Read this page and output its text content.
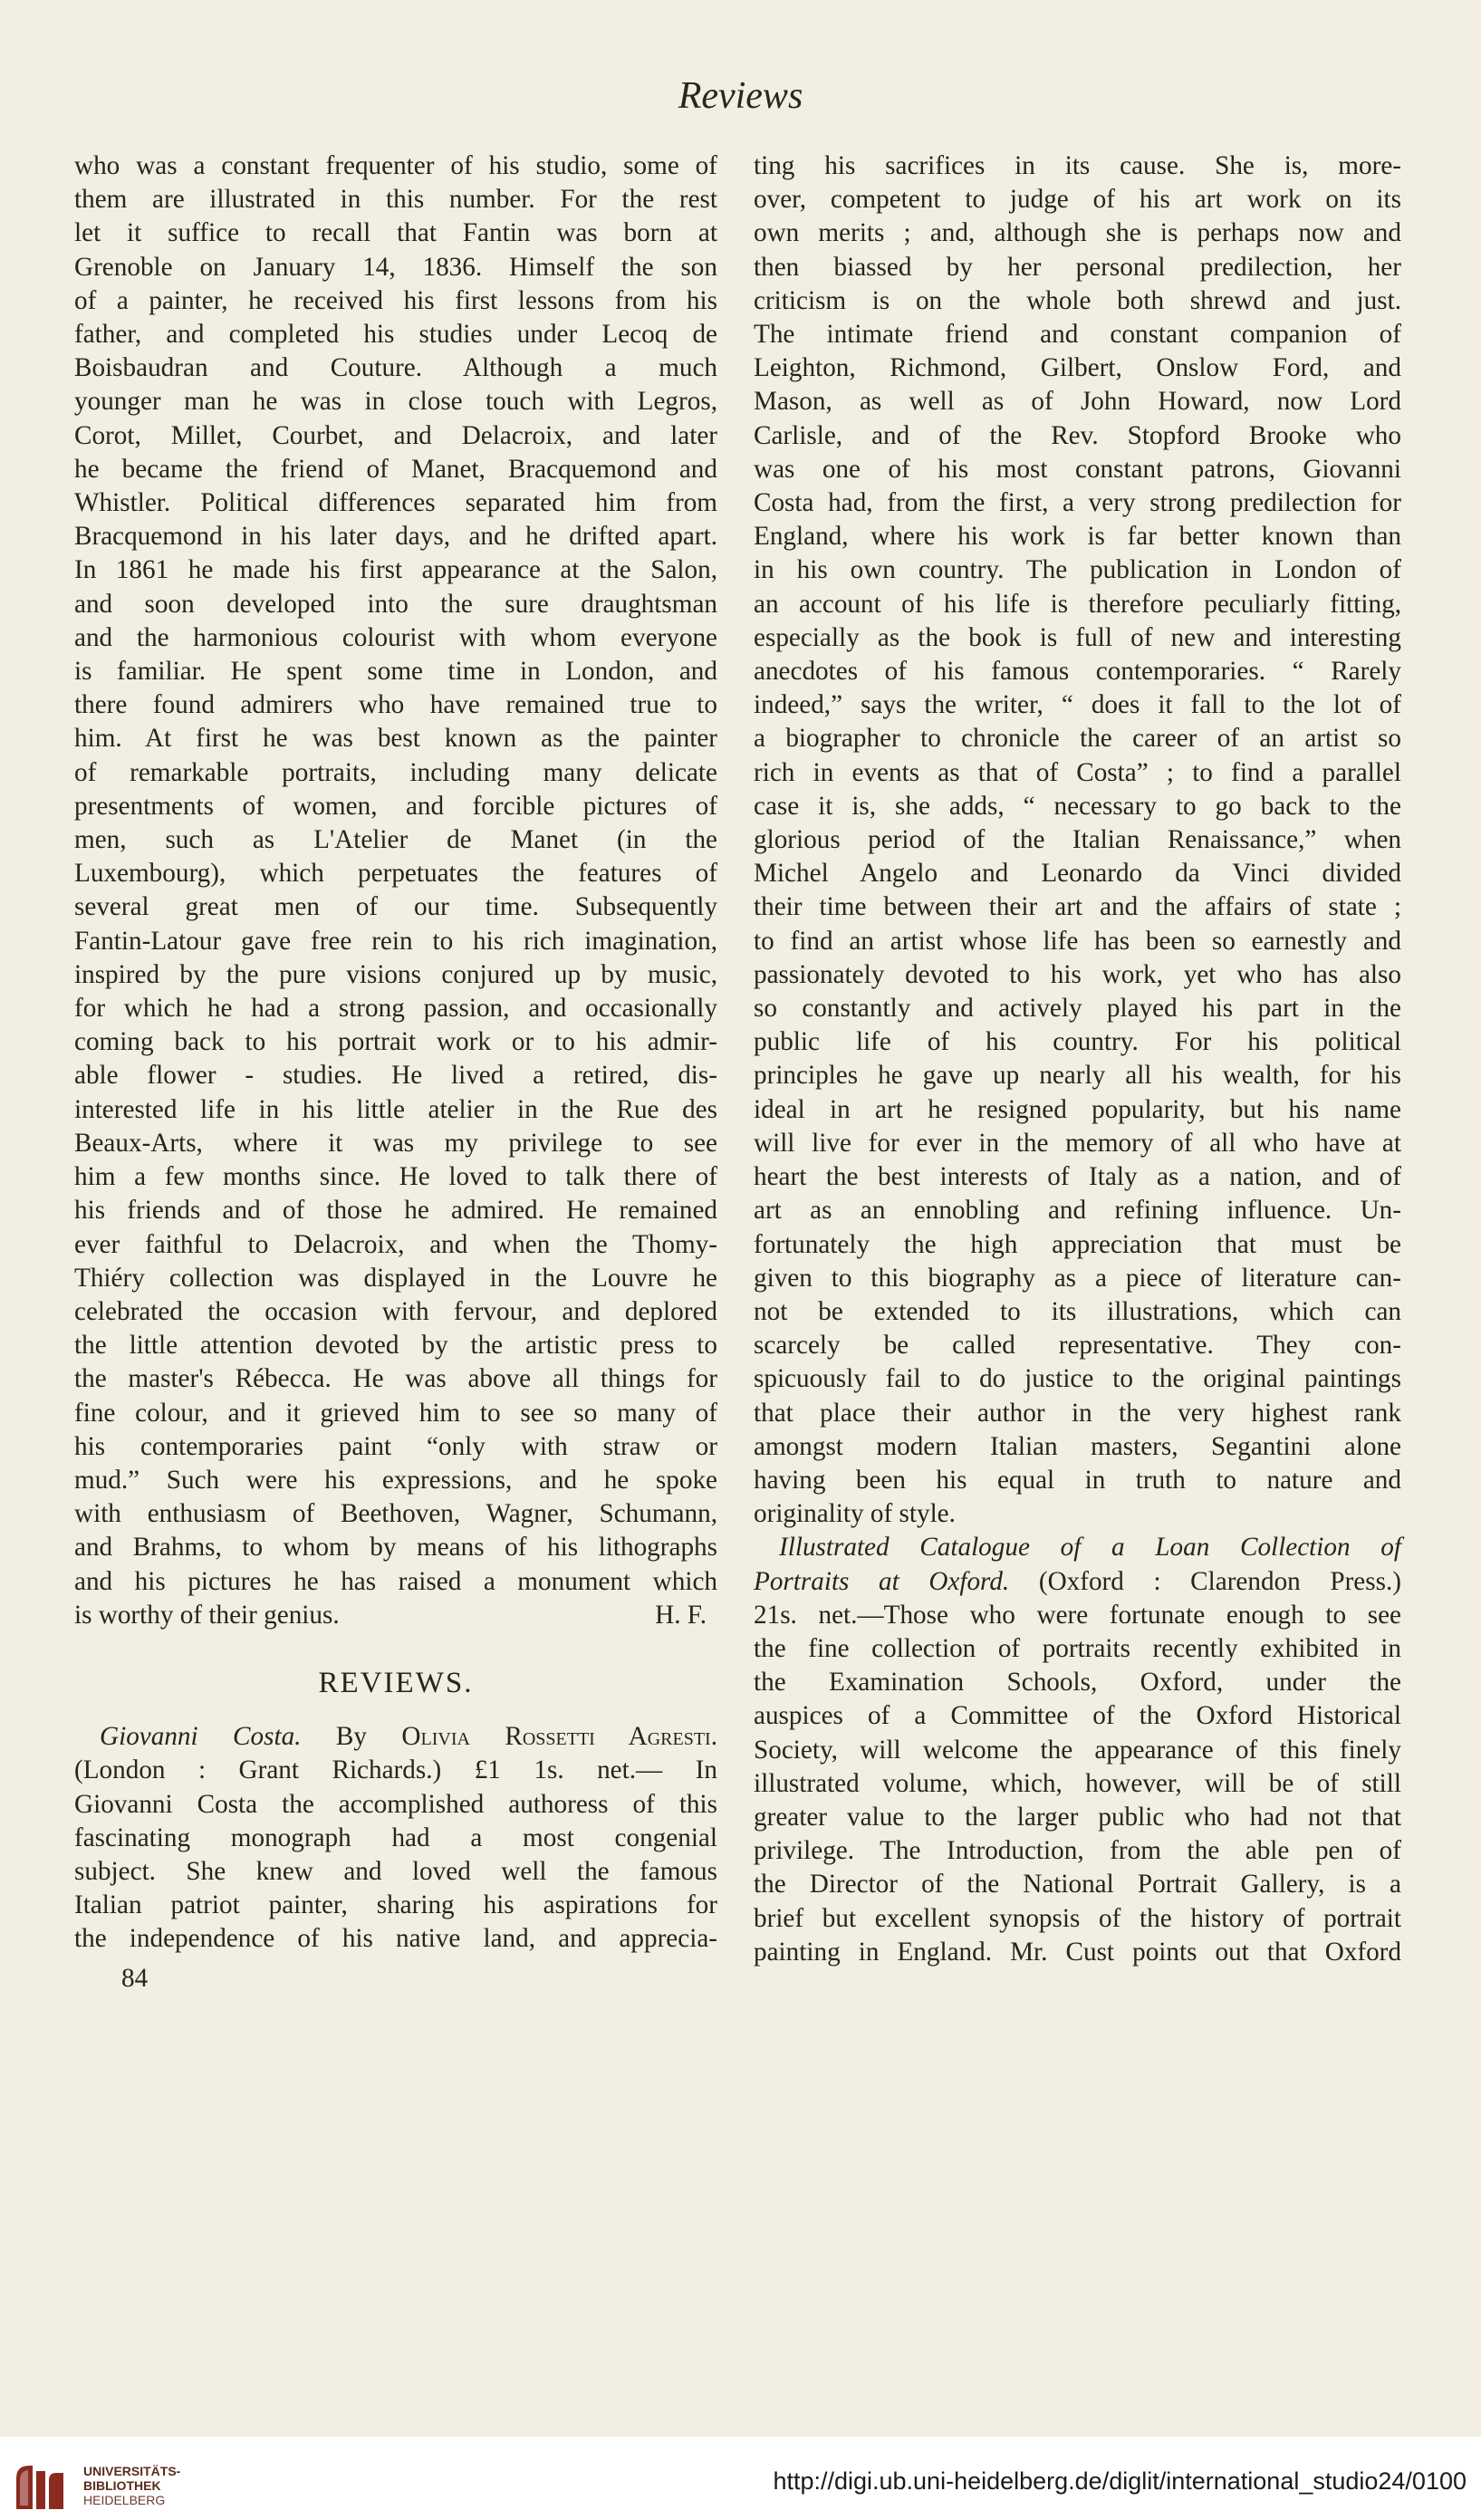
Reviews
who was a constant frequenter of his studio, some of
them are illustrated in this number. For the rest
let it suffice to recall that Fantin was born at
Grenoble on January 14, 1836. Himself the son
of a painter, he received his first lessons from his
father, and completed his studies under Lecoq de
Boisbaudran and Couture. Although a much
younger man he was in close touch with Legros,
Corot, Millet, Courbet, and Delacroix, and later
he became the friend of Manet, Bracquemond and
Whistler. Political differences separated him from
Bracquemond in his later days, and he drifted apart.
In 1861 he made his first appearance at the Salon,
and soon developed into the sure draughtsman
and the harmonious colourist with whom everyone
is familiar. He spent some time in London, and
there found admirers who have remained true to
him. At first he was best known as the painter
of remarkable portraits, including many delicate
presentments of women, and forcible pictures of
men, such as L'Atelier de Manet (in the
Luxembourg), which perpetuates the features of
several great men of our time. Subsequently
Fantin-Latour gave free rein to his rich imagination,
inspired by the pure visions conjured up by music,
for which he had a strong passion, and occasionally
coming back to his portrait work or to his admir-
able flower - studies. He lived a retired, dis-
interested life in his little atelier in the Rue des
Beaux-Arts, where it was my privilege to see
him a few months since. He loved to talk there of
his friends and of those he admired. He remained
ever faithful to Delacroix, and when the Thomy-
Thiéry collection was displayed in the Louvre he
celebrated the occasion with fervour, and deplored
the little attention devoted by the artistic press to
the master's Rébecca. He was above all things for
fine colour, and it grieved him to see so many of
his contemporaries paint “only with straw or
mud.” Such were his expressions, and he spoke
with enthusiasm of Beethoven, Wagner, Schumann,
and Brahms, to whom by means of his lithographs
and his pictures he has raised a monument which
is worthy of their genius.	H. F.
REVIEWS.
Giovanni Costa. By Olivia Rossetti Agresti.
(London : Grant Richards.) £1 1s. net.— In
Giovanni Costa the accomplished authoress of this
fascinating monograph had a most congenial
subject. She knew and loved well the famous
Italian patriot painter, sharing his aspirations for
the independence of his native land, and apprecia-
84
ting his sacrifices in its cause. She is, more-
over, competent to judge of his art work on its
own merits ; and, although she is perhaps now and
then biassed by her personal predilection, her
criticism is on the whole both shrewd and just.
The intimate friend and constant companion of
Leighton, Richmond, Gilbert, Onslow Ford, and
Mason, as well as of John Howard, now Lord
Carlisle, and of the Rev. Stopford Brooke who
was one of his most constant patrons, Giovanni
Costa had, from the first, a very strong predilection for
England, where his work is far better known than
in his own country. The publication in London of
an account of his life is therefore peculiarly fitting,
especially as the book is full of new and interesting
anecdotes of his famous contemporaries. “ Rarely
indeed,” says the writer, “ does it fall to the lot of
a biographer to chronicle the career of an artist so
rich in events as that of Costa” ; to find a parallel
case it is, she adds, “ necessary to go back to the
glorious period of the Italian Renaissance,” when
Michel Angelo and Leonardo da Vinci divided
their time between their art and the affairs of state ;
to find an artist whose life has been so earnestly and
passionately devoted to his work, yet who has also
so constantly and actively played his part in the
public life of his country. For his political
principles he gave up nearly all his wealth, for his
ideal in art he resigned popularity, but his name
will live for ever in the memory of all who have at
heart the best interests of Italy as a nation, and of
art as an ennobling and refining influence. Un-
fortunately the high appreciation that must be
given to this biography as a piece of literature can-
not be extended to its illustrations, which can
scarcely be called representative. They con-
spicuously fail to do justice to the original paintings
that place their author in the very highest rank
amongst modern Italian masters, Segantini alone
having been his equal in truth to nature and
originality of style.
Illustrated Catalogue of a Loan Collection of
Portraits at Oxford. (Oxford : Clarendon Press.)
21s. net.—Those who were fortunate enough to see
the fine collection of portraits recently exhibited in
the Examination Schools, Oxford, under the
auspices of a Committee of the Oxford Historical
Society, will welcome the appearance of this finely
illustrated volume, which, however, will be of still
greater value to the larger public who had not that
privilege. The Introduction, from the able pen of
the Director of the National Portrait Gallery, is a
brief but excellent synopsis of the history of portrait
painting in England. Mr. Cust points out that Oxford
UNIVERSITÄTS-
BIBLIOTHEK
HEIDELBERG
http://digi.ub.uni-heidelberg.de/diglit/international_studio24/0100
